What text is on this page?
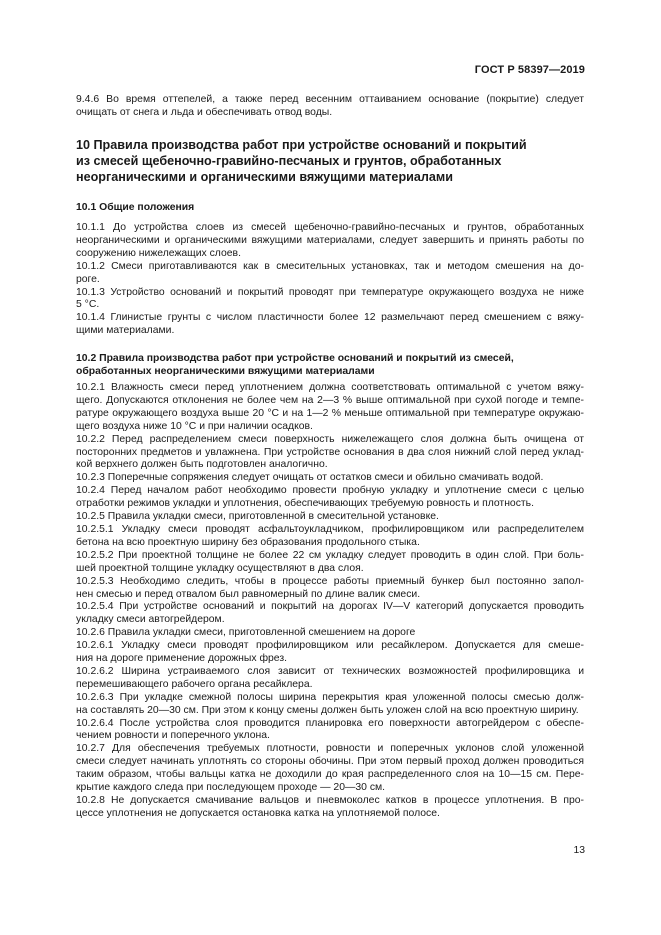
ГОСТ Р 58397—2019
9.4.6 Во время оттепелей, а также перед весенним оттаиванием основание (покрытие) следует
очищать от снега и льда и обеспечивать отвод воды.
10 Правила производства работ при устройстве оснований и покрытий
из смесей щебеночно-гравийно-песчаных и грунтов, обработанных
неорганическими и органическими вяжущими материалами
10.1 Общие положения
10.1.1 До устройства слоев из смесей щебеночно-гравийно-песчаных и грунтов, обработанных
неорганическими и органическими вяжущими материалами, следует завершить и принять работы по
сооружению нижележащих слоев.
10.1.2 Смеси приготавливаются как в смесительных установках, так и методом смешения на до-
роге.
10.1.3 Устройство оснований и покрытий проводят при температуре окружающего воздуха не ниже
5 °С.
10.1.4 Глинистые грунты с числом пластичности более 12 размельчают перед смешением с вяжу-
щими материалами.
10.2 Правила производства работ при устройстве оснований и покрытий из смесей,
обработанных неорганическими вяжущими материалами
10.2.1 Влажность смеси перед уплотнением должна соответствовать оптимальной с учетом вяжу-
щего. Допускаются отклонения не более чем на 2—3 % выше оптимальной при сухой погоде и темпе-
ратуре окружающего воздуха выше 20 °С и на 1—2 % меньше оптимальной при температуре окружаю-
щего воздуха ниже 10 °С и при наличии осадков.
10.2.2 Перед распределением смеси поверхность нижележащего слоя должна быть очищена от
посторонних предметов и увлажнена. При устройстве основания в два слоя нижний слой перед уклад-
кой верхнего должен быть подготовлен аналогично.
10.2.3 Поперечные сопряжения следует очищать от остатков смеси и обильно смачивать водой.
10.2.4 Перед началом работ необходимо провести пробную укладку и уплотнение смеси с целью
отработки режимов укладки и уплотнения, обеспечивающих требуемую ровность и плотность.
10.2.5 Правила укладки смеси, приготовленной в смесительной установке.
10.2.5.1 Укладку смеси проводят асфальтоукладчиком, профилировщиком или распределителем
бетона на всю проектную ширину без образования продольного стыка.
10.2.5.2 При проектной толщине не более 22 см укладку следует проводить в один слой. При боль-
шей проектной толщине укладку осуществляют в два слоя.
10.2.5.3 Необходимо следить, чтобы в процессе работы приемный бункер был постоянно запол-
нен смесью и перед отвалом был равномерный по длине валик смеси.
10.2.5.4 При устройстве оснований и покрытий на дорогах IV—V категорий допускается проводить
укладку смеси автогрейдером.
10.2.6 Правила укладки смеси, приготовленной смешением на дороге
10.2.6.1 Укладку смеси проводят профилировщиком или ресайклером. Допускается для смеше-
ния на дороге применение дорожных фрез.
10.2.6.2 Ширина устраиваемого слоя зависит от технических возможностей профилировщика и
перемешивающего рабочего органа ресайклера.
10.2.6.3 При укладке смежной полосы ширина перекрытия края уложенной полосы смесью долж-
на составлять 20—30 см. При этом к концу смены должен быть уложен слой на всю проектную ширину.
10.2.6.4 После устройства слоя проводится планировка его поверхности автогрейдером с обеспе-
чением ровности и поперечного уклона.
10.2.7 Для обеспечения требуемых плотности, ровности и поперечных уклонов слой уложенной
смеси следует начинать уплотнять со стороны обочины. При этом первый проход должен проводиться
таким образом, чтобы вальцы катка не доходили до края распределенного слоя на 10—15 см. Пере-
крытие каждого следа при последующем проходе — 20—30 см.
10.2.8 Не допускается смачивание вальцов и пневмоколес катков в процессе уплотнения. В про-
цессе уплотнения не допускается остановка катка на уплотняемой полосе.
13
